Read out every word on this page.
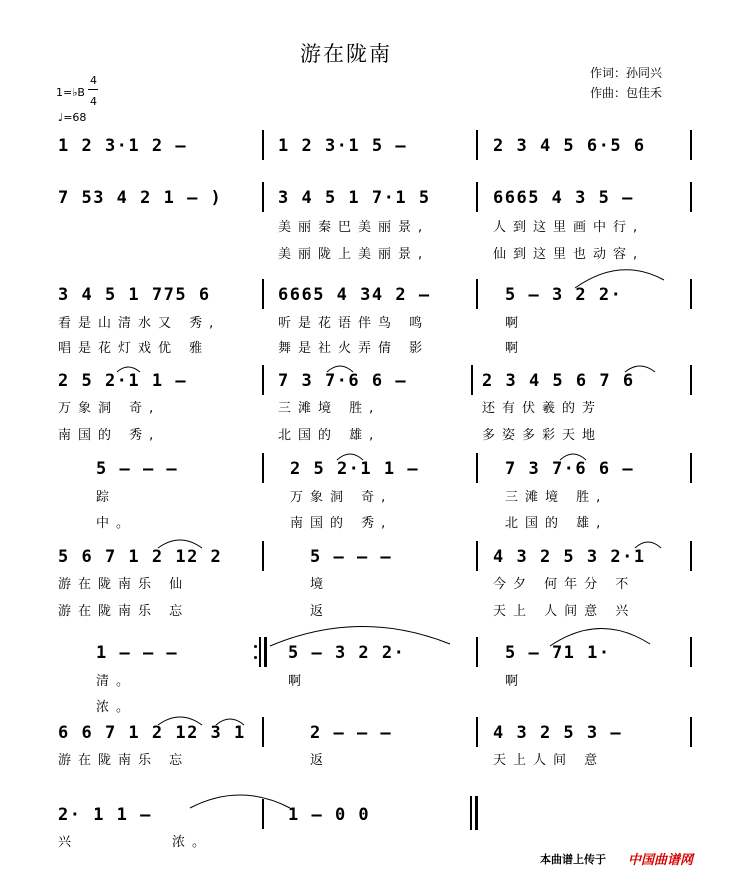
游在陇南
作词：孙同兴
作曲：包佳禾
1=♭B
4
4
♩=68
1 2 3·1 2 –	1 2 3·1 5 –	2 3 4 5 6·5 6
7 53 4 2 1 – )	3 4 5 1 7·1 5	6665 4 3 5 –
美丽秦巴美丽景,	人到这里画中行,
美丽陇上美丽景,	仙到这里也动容,
3 4 5 1 775 6	6665 4 34 2 –	5 – 3 2 2·
看是山清水又 秀,	听是花语伴鸟 鸣	啊
唱是花灯戏优 雅	舞是社火弄倩 影	啊
2 5 2·1 1 –	7 3 7·6 6 –	2 3 4 5 6 7 6
万象洞 奇,	三滩境 胜,	还有伏羲的芳
南国的 秀,	北国的 雄,	多姿多彩天地
5 – – –	2 5 2·1 1 –	7 3 7·6 6 –
踪	万象洞 奇,	三滩境 胜,
中。	南国的 秀,	北国的 雄,
5 6 7 1 2 12 2	5 – – –	4 3 2 5 3 2·1
游在陇南乐 仙	境	今夕 何年分 不
游在陇南乐 忘	返	天上 人间意 兴
1 – – –	5 – 3 2 2·	5 – 71 1·
清。	啊	啊
浓。
6 6 7 1 2 12 3 1	2 – – –	4 3 2 5 3 –
游在陇南乐 忘	返	天上人间 意
2· 1 1 –	1 – 0 0
兴	浓。
本曲谱上传于 中国曲谱网
